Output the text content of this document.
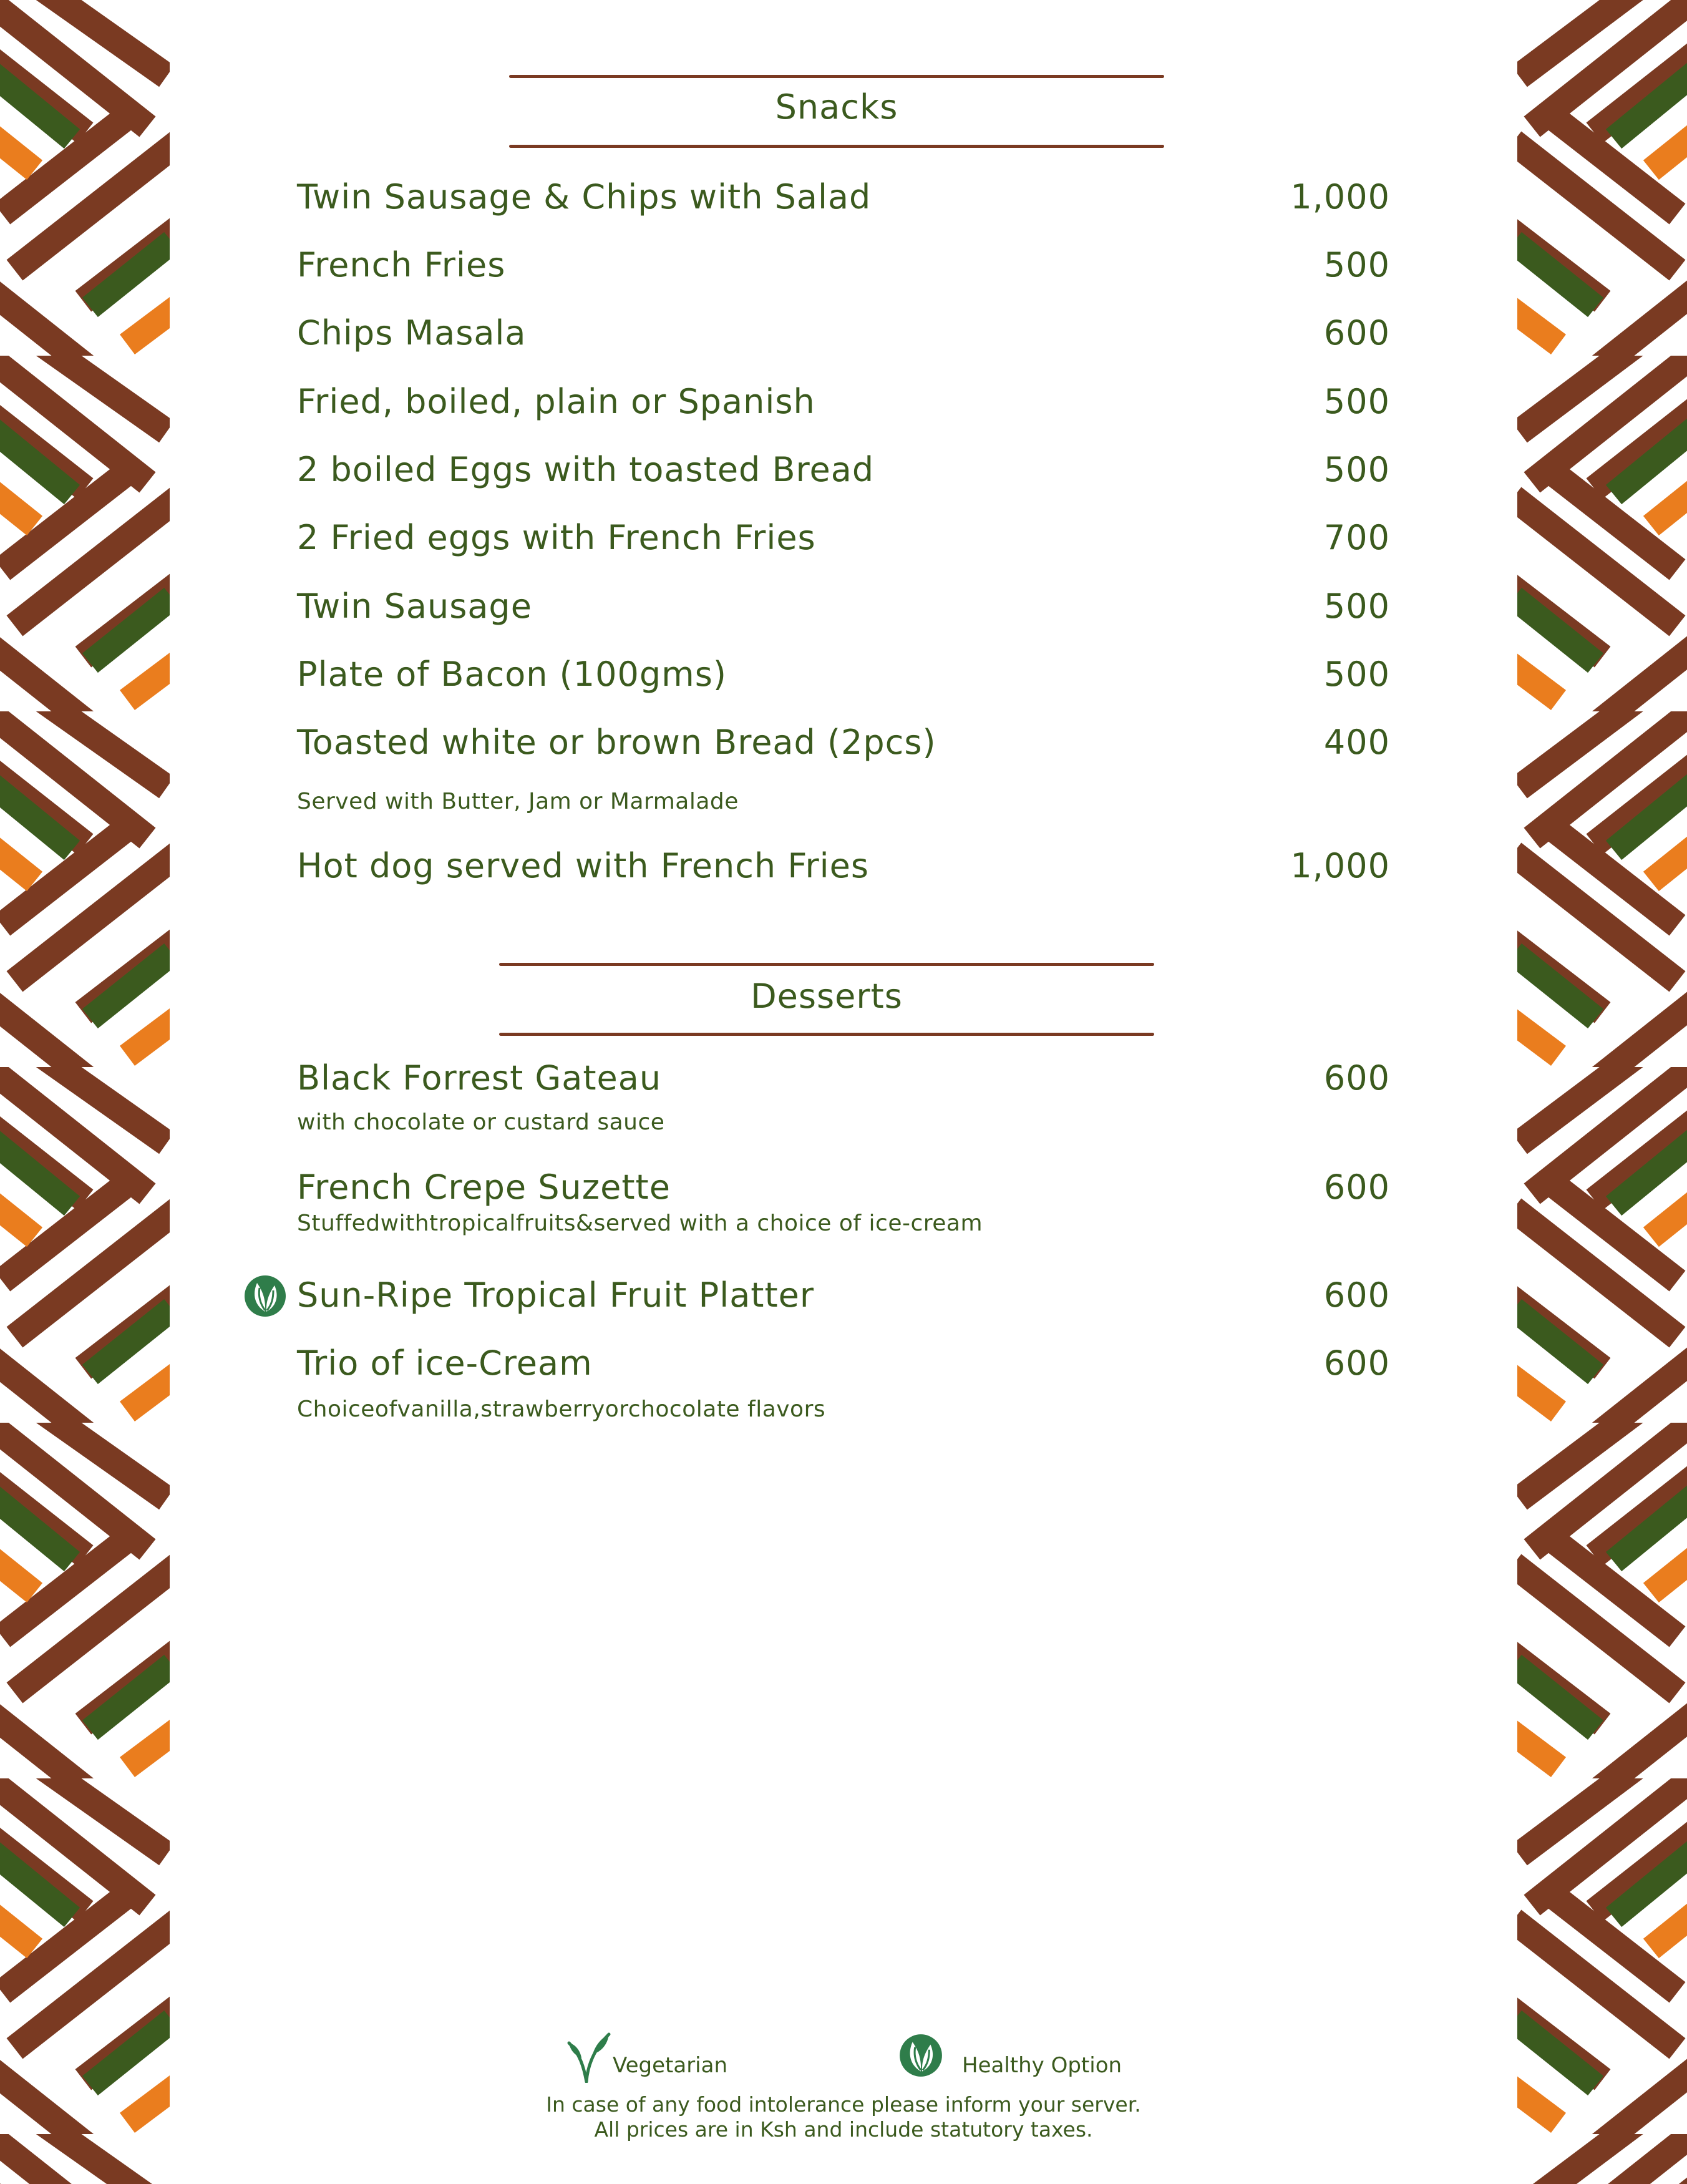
Snacks
Twin Sausage & Chips with Salad	1,000
French Fries	500
Chips Masala	600
Fried, boiled, plain or Spanish	500
2 boiled Eggs with toasted Bread	500
2 Fried eggs with French Fries	700
Twin Sausage	500
Plate of Bacon (100gms)	500
Toasted white or brown Bread (2pcs)	400
Served with Butter, Jam or Marmalade
Hot dog served with French Fries	1,000
Desserts
Black Forrest Gateau	600
with chocolate or custard sauce
French Crepe Suzette	600
Stuffedwithtropicalfruits&served with a choice of ice-cream
Sun-Ripe Tropical Fruit Platter	600
Trio of ice-Cream	600
Choiceofvanilla,strawberryorchocolate flavors
Vegetarian	Healthy Option
In case of any food intolerance please inform your server.
All prices are in Ksh and include statutory taxes.
